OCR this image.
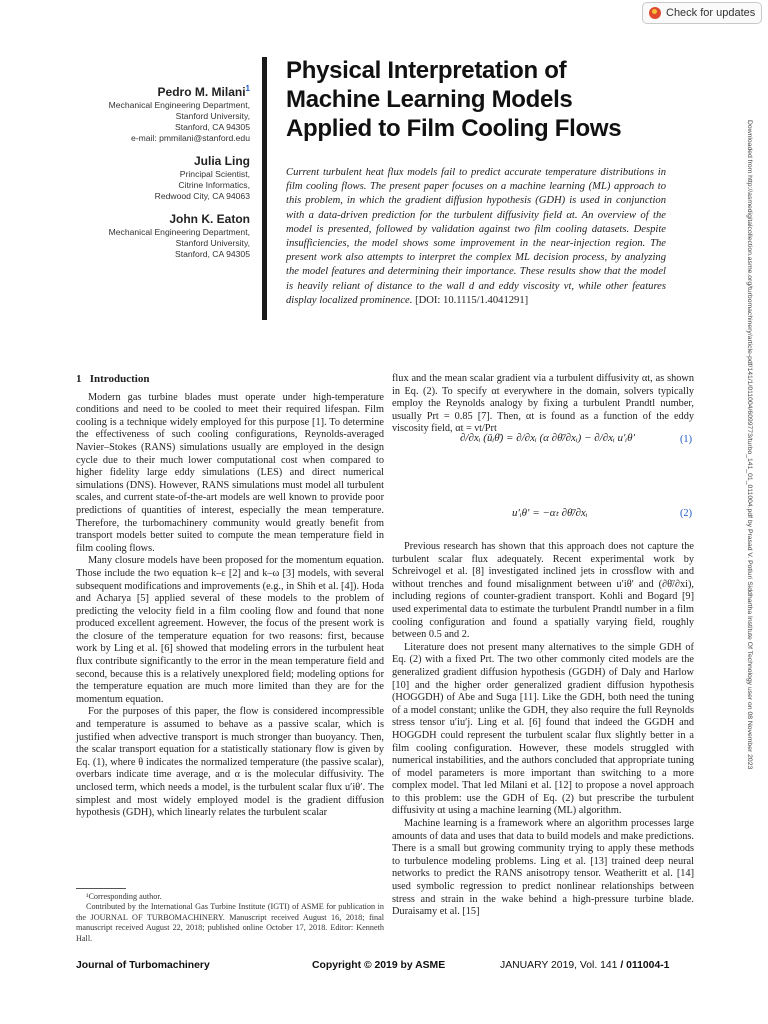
Check for updates
Pedro M. Milani$^1$
Mechanical Engineering Department,
Stanford University,
Stanford, CA 94305
e-mail: pmmilani@stanford.edu
Julia Ling
Principal Scientist,
Citrine Informatics,
Redwood City, CA 94063
John K. Eaton
Mechanical Engineering Department,
Stanford University,
Stanford, CA 94305
Physical Interpretation of
Machine Learning Models
Applied to Film Cooling Flows
Current turbulent heat flux models fail to predict accurate temperature distributions in film cooling flows. The present paper focuses on a machine learning (ML) approach to this problem, in which the gradient diffusion hypothesis (GDH) is used in conjunction with a data-driven prediction for the turbulent diffusivity field αt. An overview of the model is presented, followed by validation against two film cooling datasets. Despite insufficiencies, the model shows some improvement in the near-injection region. The present work also attempts to interpret the complex ML decision process, by analyzing the model features and determining their importance. These results show that the model is heavily reliant of distance to the wall d and eddy viscosity νt, while other features display localized prominence. [DOI: 10.1115/1.4041291]	Downloaded from http://asmedigitalcollection.asme.org/turbomachinery/article-pdf/141/1/011004/6099773/turbo_141_01_011004.pdf by Prasad V. Potluri Siddhartha Institute Of Technology user on 08 November 2023
1 Introduction

Modern gas turbine blades must operate under high-temperature conditions and need to be cooled to meet their required lifespan. Film cooling is a technique widely employed for this purpose [1]. To determine the effectiveness of such cooling configurations, Reynolds-averaged Navier–Stokes (RANS) simulations usually are employed in the design cycle due to their much lower computational cost when compared to higher fidelity large eddy simulations (LES) and direct numerical simulations (DNS). However, RANS simulations must model all turbulent scales, and current state-of-the-art models are well known to provide poor predictions of quantities of interest, especially the mean temperature. Therefore, the turbomachinery community would greatly benefit from transport models better suited to compute the mean temperature field in film cooling flows.

Many closure models have been proposed for the momentum equation. Those include the two equation k–ε [2] and k–ω [3] models, with several subsequent modifications and improvements (e.g., in Shih et al. [4]). Hoda and Acharya [5] applied several of these models to the problem of predicting the velocity field in a film cooling flow and found that none produced excellent agreement. However, the focus of the present work is the closure of the temperature equation for two reasons: first, because work by Ling et al. [6] showed that modeling errors in the turbulent heat flux contribute significantly to the error in the mean temperature field and second, because this is a relatively unexplored field; modeling options for the temperature equation are much more limited than they are for the momentum equation.

For the purposes of this paper, the flow is considered incompressible and temperature is assumed to behave as a passive scalar, which is justified when advective transport is much stronger than buoyancy. Then, the scalar transport equation for a statistically stationary flow is given by Eq. (1), where θ indicates the normalized temperature (the passive scalar), overbars indicate time average, and α is the molecular diffusivity. The unclosed term, which needs a model, is the turbulent scalar flux u′iθ′. The simplest and most widely employed model is the gradient diffusion hypothesis (GDH), which linearly relates the turbulent scalar

flux and the mean scalar gradient via a turbulent diffusivity αt, as shown in Eq. (2). To specify αt everywhere in the domain, solvers typically employ the Reynolds analogy by fixing a turbulent Prandtl number, usually Prt = 0.85 [7]. Then, αt is found as a function of the eddy viscosity field, αt = νt/Prt

∂/∂xᵢ (ūᵢθ̄) = ∂/∂xᵢ (α ∂θ̄/∂xᵢ) − ∂/∂xᵢ u′ᵢθ′	(1)
u′ᵢθ′ = −αₜ ∂θ̄/∂xᵢ	(2)

Previous research has shown that this approach does not capture the turbulent scalar flux adequately. Recent experimental work by Schreivogel et al. [8] investigated inclined jets in crossflow with and without trenches and found misalignment between u′iθ′ and (∂θ̄/∂xi), including regions of counter-gradient transport. Kohli and Bogard [9] used experimental data to estimate the turbulent Prandtl number in a film cooling configuration and found a spatially varying field, roughly between 0.5 and 2.

Literature does not present many alternatives to the simple GDH of Eq. (2) with a fixed Prt. The two other commonly cited models are the generalized gradient diffusion hypothesis (GGDH) of Daly and Harlow [10] and the higher order generalized gradient diffusion hypothesis (HOGGDH) of Abe and Suga [11]. Like the GDH, both need the tuning of a model constant; unlike the GDH, they also require the full Reynolds stress tensor u′iu′j. Ling et al. [6] found that indeed the GGDH and HOGGDH could represent the turbulent scalar flux slightly better in a film cooling configuration. However, these models struggled with numerical instabilities, and the authors concluded that appropriate tuning of model parameters is more important than switching to a more complex model. That led Milani et al. [12] to propose a novel approach to this problem: use the GDH of Eq. (2) but prescribe the turbulent diffusivity αt using a machine learning (ML) algorithm.

Machine learning is a framework where an algorithm processes large amounts of data and uses that data to build models and make predictions. There is a small but growing community trying to apply these methods to turbulence modeling problems. Ling et al. [13] trained deep neural networks to predict the RANS anisotropy tensor. Weatheritt et al. [14] used symbolic regression to predict nonlinear relationships between stress and strain in the wake behind a high-pressure turbine blade. Duraisamy et al. [15]

¹Corresponding author.

Contributed by the International Gas Turbine Institute (IGTI) of ASME for publication in the JOURNAL OF TURBOMACHINERY. Manuscript received August 16, 2018; final manuscript received August 22, 2018; published online October 17, 2018. Editor: Kenneth Hall.

Journal of Turbomachinery	Copyright © 2019 by ASME	JANUARY 2019, Vol. 141 / 011004-1
